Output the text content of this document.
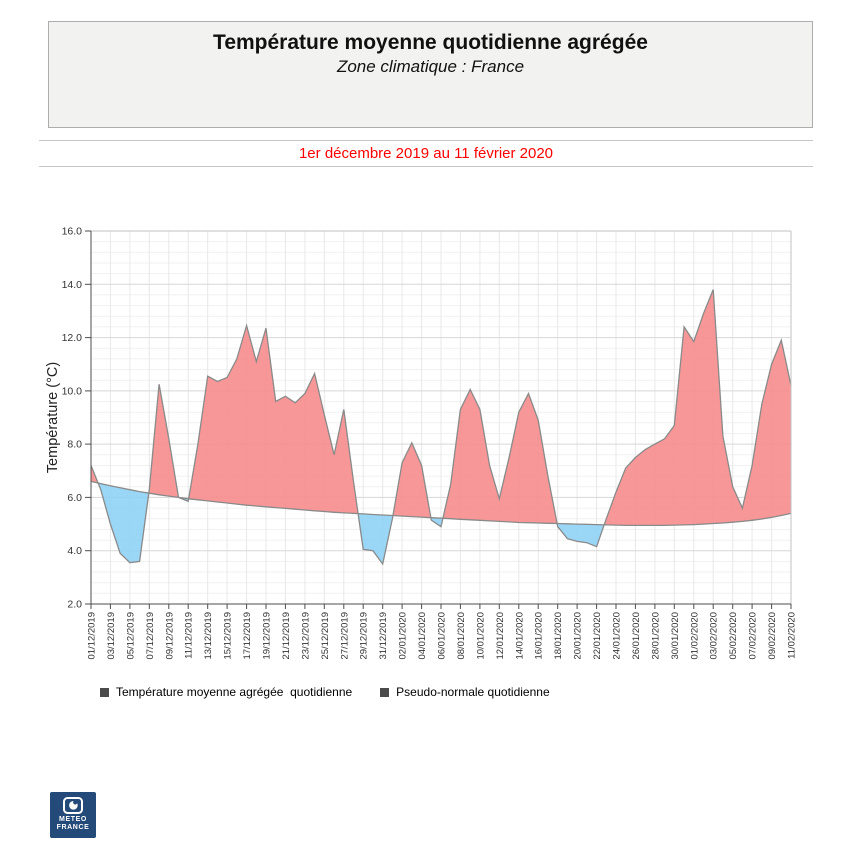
Température moyenne quotidienne agrégée
Zone climatique : France
1er décembre 2019 au 11 février 2020
2.0
4.0
6.0
8.0
10.0
12.0
14.0
16.0
01/12/2019 03/12/2019 05/12/2019 07/12/2019 09/12/2019 11/12/2019 13/12/2019 15/12/2019 17/12/2019 19/12/2019 21/12/2019 23/12/2019 25/12/2019 27/12/2019 29/12/2019 31/12/2019 02/01/2020 04/01/2020 06/01/2020 08/01/2020 10/01/2020 12/01/2020 14/01/2020 16/01/2020 18/01/2020 20/01/2020 22/01/2020 24/01/2020 26/01/2020 28/01/2020 30/01/2020 01/02/2020 03/02/2020 05/02/2020 07/02/2020 09/02/2020 11/02/2020
Température (°C)
Température moyenne agrégée  quotidienne	Pseudo-normale quotidienne
METEO
FRANCE
